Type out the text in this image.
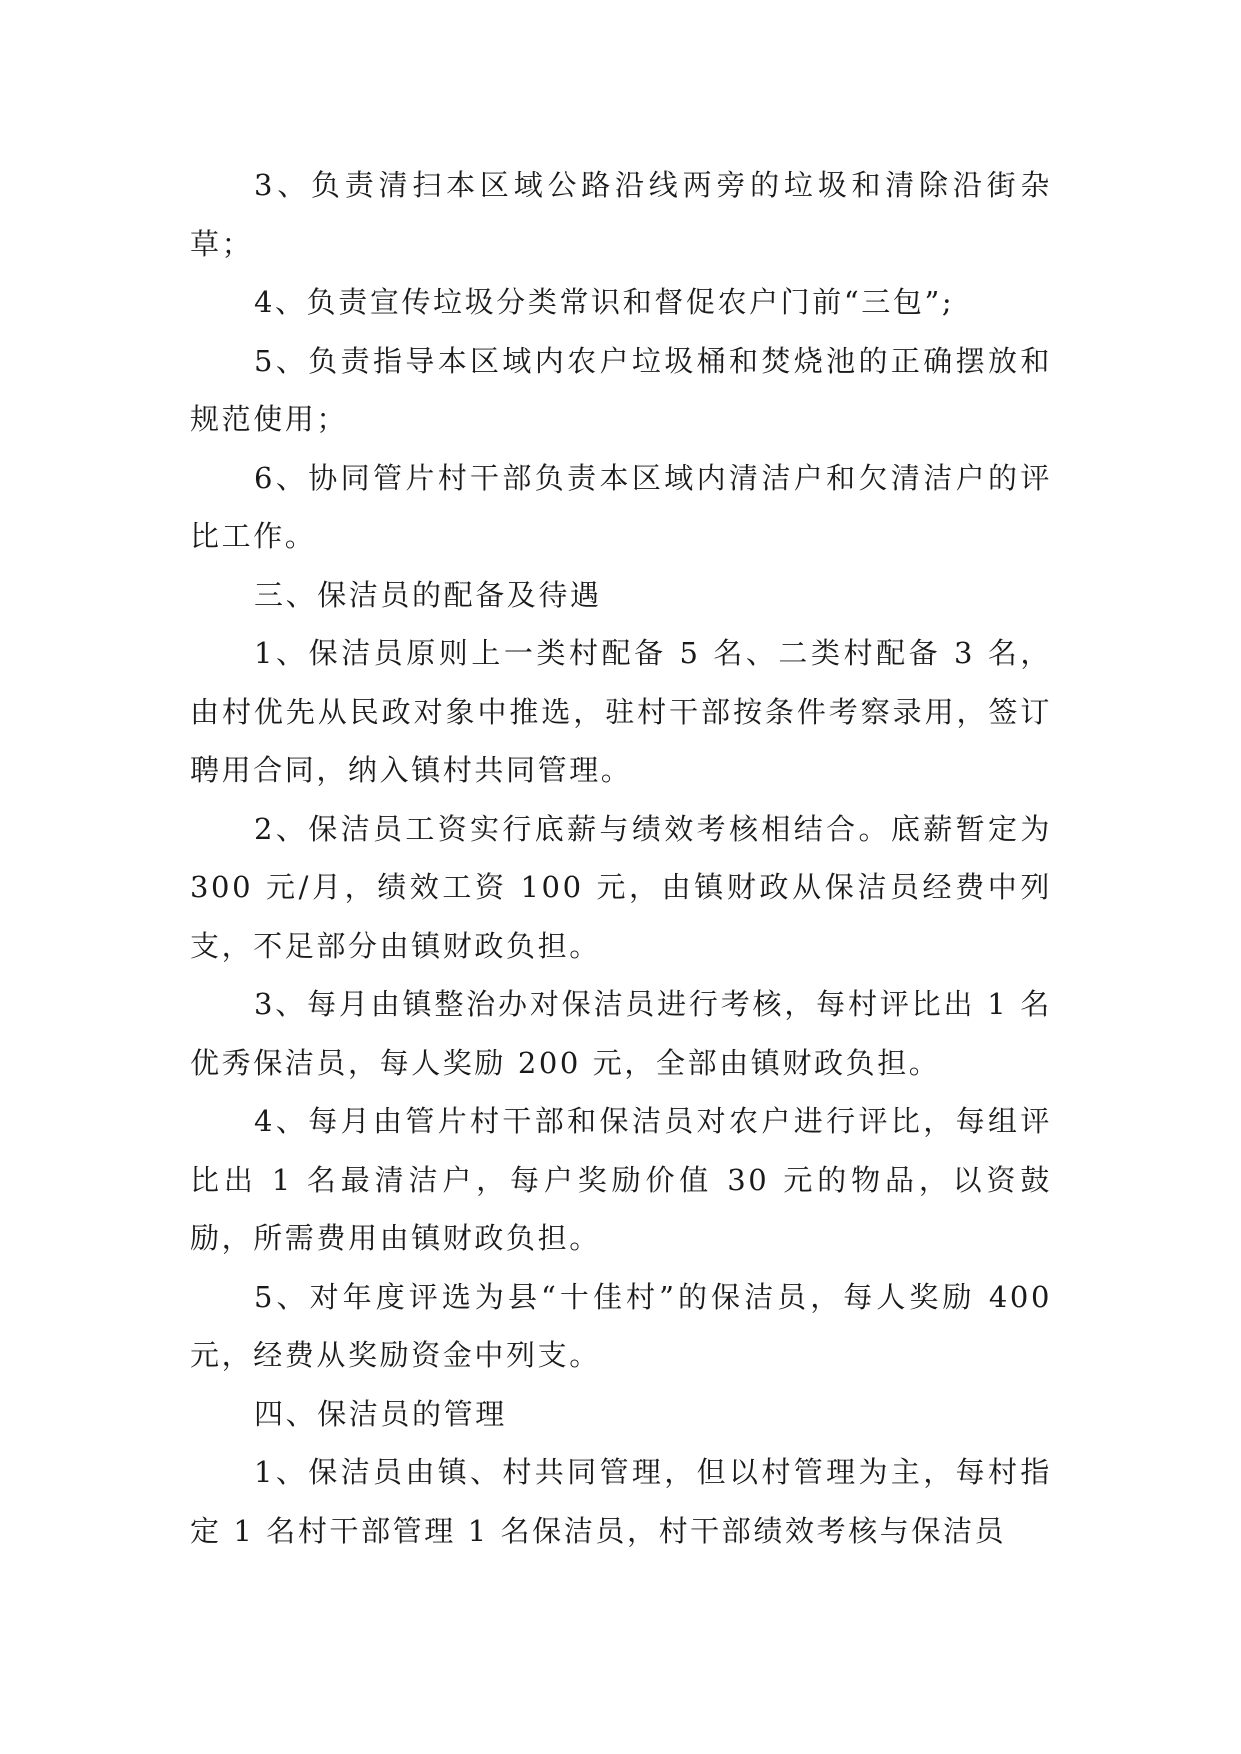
3、负责清扫本区域公路沿线两旁的垃圾和清除沿街杂草；

4、负责宣传垃圾分类常识和督促农户门前“三包”;

5、负责指导本区域内农户垃圾桶和焚烧池的正确摆放和规范使用；

6、协同管片村干部负责本区域内清洁户和欠清洁户的评比工作。

三、保洁员的配备及待遇

1、保洁员原则上一类村配备 5 名、二类村配备 3 名，由村优先从民政对象中推选，驻村干部按条件考察录用，签订聘用合同，纳入镇村共同管理。

2、保洁员工资实行底薪与绩效考核相结合。底薪暂定为 300 元/月，绩效工资 100 元，由镇财政从保洁员经费中列支，不足部分由镇财政负担。

3、每月由镇整治办对保洁员进行考核，每村评比出 1 名优秀保洁员，每人奖励 200 元，全部由镇财政负担。

4、每月由管片村干部和保洁员对农户进行评比，每组评比出 1 名最清洁户，每户奖励价值 30 元的物品，以资鼓励，所需费用由镇财政负担。

5、对年度评选为县“十佳村”的保洁员，每人奖励 400 元，经费从奖励资金中列支。

四、保洁员的管理

1、保洁员由镇、村共同管理，但以村管理为主，每村指定 1 名村干部管理 1 名保洁员，村干部绩效考核与保洁员
